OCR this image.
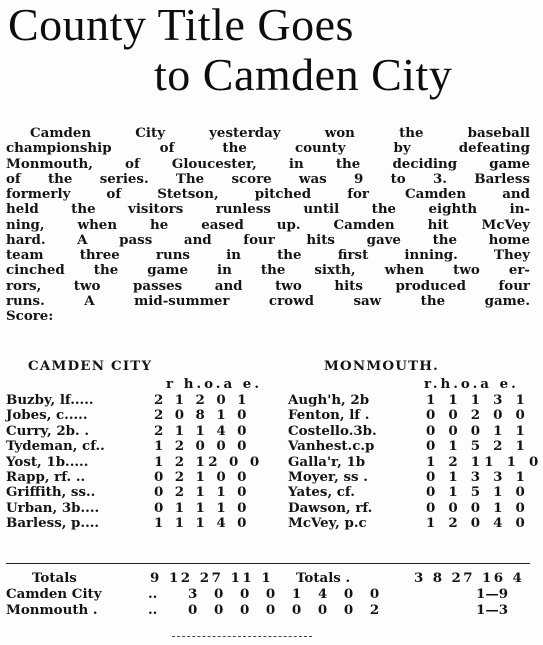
County Title Goes
to Camden City
Camden City yesterday won the baseball
championship of the county by defeating
Monmouth, of Gloucester, in the deciding game
of the series. The score was 9 to 3. Barless
formerly of Stetson, pitched for Camden and
held the visitors runless until the eighth in-
ning, when he eased up. Camden hit McVey
hard. A pass and four hits gave the home
team three runs in the first inning. They
cinched the game in the sixth, when two er-
rors, two passes and two hits produced four
runs. A mid-summer crowd saw the game.
Score:
CAMDEN CITY	MONMOUTH.
r h.o.a e.	r.h.o.a e.
Buzby, lf.....	2 1 2 0 1	Augh'h, 2b	1 1 1 3 1
Jobes, c.....	2 0 8 1 0	Fenton, lf .	0 0 2 0 0
Curry, 2b. .	2 1 1 4 0	Costello.3b.	0 0 0 1 1
Tydeman, cf..	1 2 0 0 0	Vanhest.c.p	0 1 5 2 1
Yost, 1b.....	1 2 12 0 0	Galla'r, 1b	1 2 11 1 0
Rapp, rf. ..	0 2 1 0 0	Moyer, ss .	0 1 3 3 1
Griffith, ss..	0 2 1 1 0	Yates, cf.	0 1 5 1 0
Urban, 3b....	0 1 1 1 0	Dawson, rf.	0 0 0 1 0
Barless, p....	1 1 1 4 0	McVey, p.c	1 2 0 4 0
Totals	9 12 27 11 1 Totals .	3 8 27 16 4
Camden City	.. 3 0 0 0 1 4 0 0	1—9
Monmouth .	.. 0 0 0 0 0 0 0 2	1—3
